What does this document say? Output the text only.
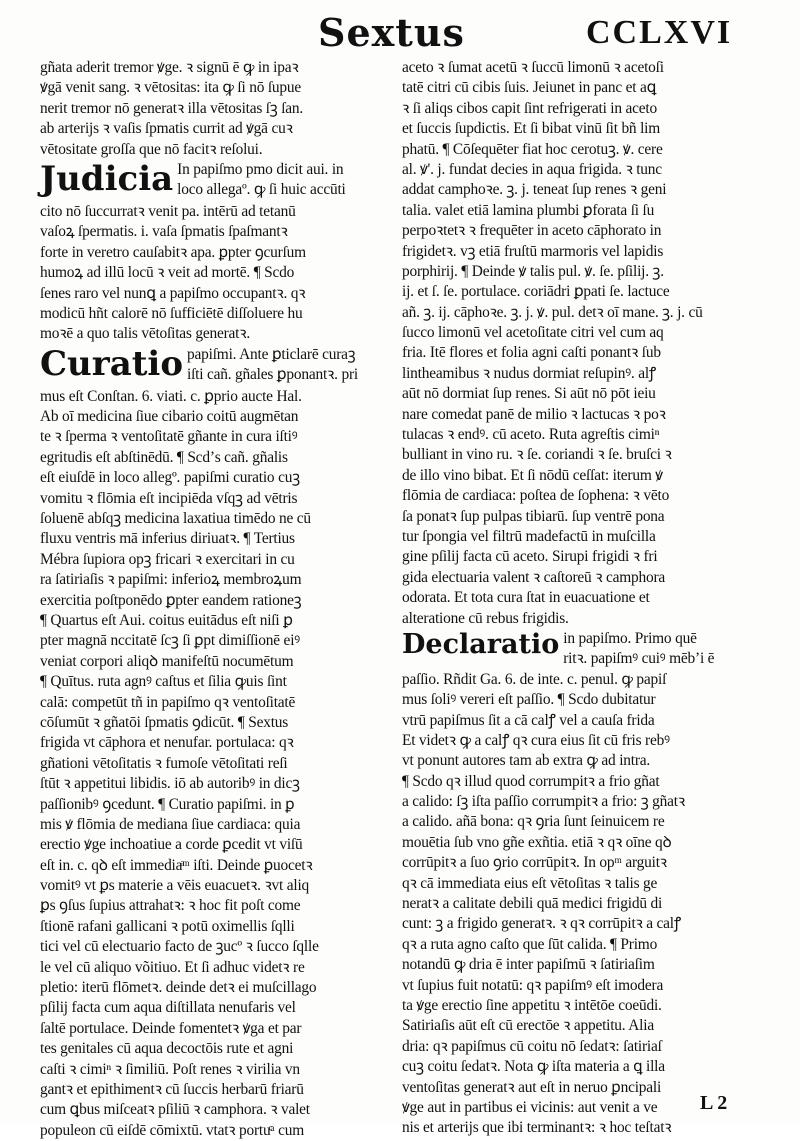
Sextus	CCLXVI
gñata aderit tremor ꝟge. ꝛ signū ē ꝙ in ipaꝛ
ꝟgā venit sang. ꝛ vētositas: ita ꝙ ſi nō ſupue
nerit tremor nō generatꝛ illa vētositas ſꝫ ſan.
ab arterijs ꝛ vaſis ſpmatis currit ad ꝟgā cuꝛ
vētositate groſſa que nō facitꝛ reſolui.
Judicia In papiſmo pmo dicit aui. in
loco allegaº. ꝙ ſi huic accūti
cito nō ſuccurratꝛ venit pa. intērū ad tetanū
vaſoꝝ ſpermatis. i. vaſa ſpmatis ſpaſmantꝛ
forte in veretro cauſabitꝛ apa. ꝑpter ꝯcurſum
humoꝝ ad illū locū ꝛ veit ad mortē. ¶ Scdo
ſenes raro vel nunꝗ a papiſmo occupantꝛ. qꝛ
modicū hñt calorē nō ſufficiētē diſſoluere hu
moꝛē a quo talis vētoſitas generatꝛ.
Curatio papiſmi. Ante ꝑticlarē curaꝫ
iſti cañ. gñales ꝑponantꝛ. pri
mus eſt Conſtan. 6. viati. c. ꝑprio aucte Hal.
Ab oī medicina ſiue cibario coitū augmētan
te ꝛ ſperma ꝛ ventoſitatē gñante in cura iſtiꝰ
egritudis eſt abſtinēdū. ¶ Scdʼs cañ. gñalis
eſt eiuſdē in loco allegº. papiſmi curatio cuꝫ
vomitu ꝛ flōmia eſt incipiēda vſqꝫ ad vētris
ſoluenē abſqꝫ medicina laxatiua timēdo ne cū
fluxu ventris mā inferius diriuatꝛ. ¶ Tertius
Mébra ſupiora opꝫ fricari ꝛ exercitari in cu
ra ſatiriaſis ꝛ papiſmi: inferioꝝ membroꝝum
exercitia poſtponēdo ꝑpter eandem rationeꝫ
¶ Quartus eſt Aui. coitus euitādus eſt niſi ꝑ
pter magnā nccitatē ſcꝫ ſi ꝑpt dimiſſionē eiꝰ
veniat corpori aliqꝺ manifeſtū nocumētum
¶ Quītus. ruta agnꝰ caſtus et ſilia ꝙuis ſint
calā: competūt tñ in papiſmo qꝛ ventoſitatē
cōſumūt ꝛ gñatōi ſpmatis ꝯdicūt. ¶ Sextus
frigida vt cāphora et nenufar. portulaca: qꝛ
gñationi vētoſitatis ꝛ fumoſe vētoſitati reſi
ſtūt ꝛ appetitui libidis. iō ab autoribꝰ in dicꝫ
paſſionibꝰ ꝯcedunt. ¶ Curatio papiſmi. in ꝑ
mis ꝟ flōmia de mediana ſiue cardiaca: quia
erectio ꝟge inchoatiue a corde ꝑcedit vt viſū
eſt in. c. qꝺ eſt immediaͣᵐ iſti. Deinde ꝑuocetꝛ
vomitꝰ vt ꝑs materie a vēis euacuetꝛ. ꝛvt aliq
ꝑs ꝯſus ſupius attrahatꝛ: ꝛ hoc fit poſt come
ſtionē rafani gallicani ꝛ potū oximellis ſqlli
tici vel cū electuario facto de ꝫucº ꝛ ſucco ſqlle
le vel cū aliquo võitiuo. Et ſi adhuc videtꝛ re
pletio: iterū flōmetꝛ. deinde detꝛ ei muſcillago
pſilij facta cum aqua diſtillata nenufaris vel
ſaltē portulace. Deinde fomentetꝛ ꝟga et par
tes genitales cū aqua decoctōis rute et agni
caſti ꝛ cimiⁿ ꝛ ſimiliū. Poſt renes ꝛ virilia vn
gantꝛ et epithimentꝛ cū ſuccis herbarū friarū
cum ꝗbus miſceatꝛ pſiliū ꝛ camphora. ꝛ valet
populeon cū eiſdē cōmixtū. vtatꝛ portuͨᵃ cum
aceto ꝛ ſumat acetū ꝛ ſuccū limonū ꝛ acetoſi
tatē citri cū cibis ſuis. Jeiunet in panc et aꝗ
ꝛ ſi aliqs cibos capit ſint refrigerati in aceto
et ſuccis ſupdictis. Et ſi bibat vinū ſit bñ lim
phatū. ¶ Cōſequēter fiat hoc cerotuꝫ. ꝟ. cere
al. ꝟ'. j. fundat decies in aqua frigida. ꝛ tunc
addat camphoꝛe. ꝫ. j. teneat ſup renes ꝛ geni
talia. valet etiā lamina plumbi ꝑforata ſi ſu
perpoꝛtetꝛ ꝛ frequēter in aceto cāphorato in
frigidetꝛ. vꝫ etiā fruſtū marmoris vel lapidis
porphirij. ¶ Deinde ꝟ talis pul. ꝟ. ſe. pſilij. ꝫ.
ij. et ſ. ſe. portulace. coriādri ꝑpati ſe. lactuce
añ. ꝫ. ij. cāphoꝛe. ꝫ. j. ꝟ. pul. detꝛ oī mane. ꝫ. j. cū
ſucco limonū vel acetoſitate citri vel cum aq
fria. Itē flores et folia agni caſti ponantꝛ ſub
lintheamibus ꝛ nudus dormiat reſupinꝰ. alꝭ
aūt nō dormiat ſup renes. Si aūt nō pōt ieiu
nare comedat panē de milio ꝛ lactucas ꝛ poꝛ
tulacas ꝛ endꝰ. cū aceto. Ruta agreſtis cimiⁿ
bulliant in vino ru. ꝛ ſe. coriandi ꝛ ſe. bruſci ꝛ
de illo vino bibat. Et ſi nōdū ceſſat: iterum ꝟ
flōmia de cardiaca: poſtea de ſophena: ꝛ vēto
ſa ponatꝛ ſup pulpas tibiarū. ſup ventrē pona
tur ſpongia vel filtrū madefactū in muſcilla
gine pſilij facta cū aceto. Sirupi frigidi ꝛ fri
gida electuaria valent ꝛ caſtoreū ꝛ camphora
odorata. Et tota cura ſtat in euacuatione et
alteratione cū rebus frigidis.
Declaratio in papiſmo. Primo quē
ritꝛ. papiſmꝰ cuiꝰ mēbʼi ē
paſſio. Rñdit Ga. 6. de inte. c. penul. ꝙ papiſ
mus ſoliꝰ vereri eſt paſſio. ¶ Scdo dubitatur
vtrū papiſmus ſit a cā calꝭ vel a cauſa frida
Et videtꝛ ꝙ a calꝭ qꝛ cura eius ſit cū fris rebꝰ
vt ponunt autores tam ab extra ꝙ ad intra.
¶ Scdo qꝛ illud quod corrumpitꝛ a frio gñat
a calido: ſꝫ iſta paſſio corrumpitꝛ a frio: ꝫ gñatꝛ
a calido. añā bona: qꝛ ꝯria ſunt ſeinuicem re
mouētia ſub vno gñe exñtia. etiā ꝛ qꝛ oīne qꝺ
corrūpitꝛ a ſuo ꝯrio corrūpitꝛ. In opᵐ arguitꝛ
qꝛ cā immediata eius eſt vētoſitas ꝛ talis ge
neratꝛ a calitate debili quā medici frigidū di
cunt: ꝫ a frigido generatꝛ. ꝛ qꝛ corrūpitꝛ a calꝭ
qꝛ a ruta agno caſto que ſūt calida. ¶ Primo
notandū ꝙ dria ē inter papiſmū ꝛ ſatiriaſim
vt ſupius fuit notatū: qꝛ papiſmꝰ eſt imodera
ta ꝟge erectio ſine appetitu ꝛ intētōe coeūdi.
Satiriaſis aūt eſt cū erectōe ꝛ appetitu. Alia
dria: qꝛ papiſmus cū coitu nō ſedatꝛ: ſatiriaſ
cuꝫ coitu ſedatꝛ. Nota ꝙ iſta materia a ꝗ illa
ventoſitas generatꝛ aut eſt in neruo ꝑncipali
ꝟge aut in partibus ei vicinis: aut venit a ve
nis et arterijs que ibi terminantꝛ: ꝛ hoc teſtatꝛ
L 2
